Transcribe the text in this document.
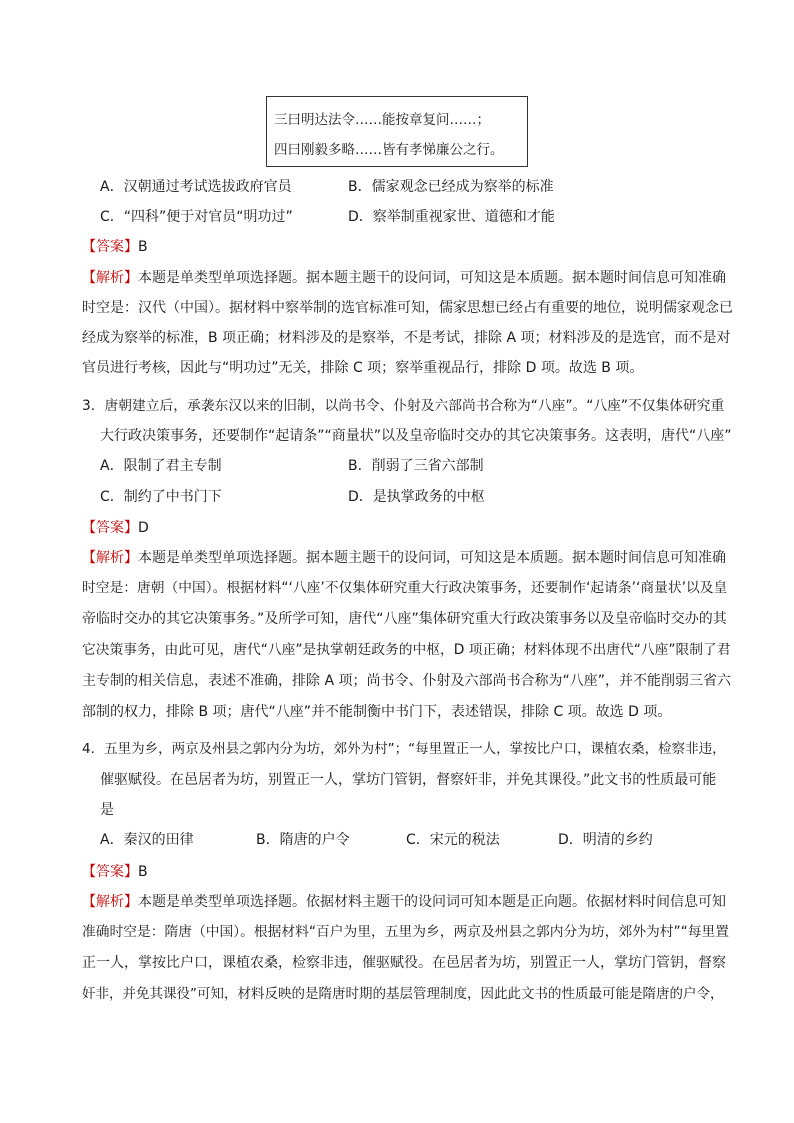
三曰明达法令……能按章复问……；
四曰刚毅多略……皆有孝悌廉公之行。
A．汉朝通过考试选拔政府官员	B．儒家观念已经成为察举的标准
C．“四科”便于对官员“明功过”	D．察举制重视家世、道德和才能
【答案】B
【解析】本题是单类型单项选择题。据本题主题干的设问词，可知这是本质题。据本题时间信息可知准确
时空是：汉代（中国）。据材料中察举制的选官标准可知，儒家思想已经占有重要的地位，说明儒家观念已
经成为察举的标准，B 项正确；材料涉及的是察举，不是考试，排除 A 项；材料涉及的是选官，而不是对
官员进行考核，因此与“明功过”无关，排除 C 项；察举重视品行，排除 D 项。故选 B 项。
3．唐朝建立后，承袭东汉以来的旧制，以尚书令、仆射及六部尚书合称为“八座”。“八座”不仅集体研究重
大行政决策事务，还要制作“起请条”“商量状”以及皇帝临时交办的其它决策事务。这表明，唐代“八座”
A．限制了君主专制	B．削弱了三省六部制
C．制约了中书门下	D．是执掌政务的中枢
【答案】D
【解析】本题是单类型单项选择题。据本题主题干的设问词，可知这是本质题。据本题时间信息可知准确
时空是：唐朝（中国）。根据材料“‘八座’不仅集体研究重大行政决策事务，还要制作‘起请条’‘商量状’以及皇
帝临时交办的其它决策事务。”及所学可知，唐代“八座”集体研究重大行政决策事务以及皇帝临时交办的其
它决策事务，由此可见，唐代“八座”是执掌朝廷政务的中枢，D 项正确；材料体现不出唐代“八座”限制了君
主专制的相关信息，表述不准确，排除 A 项；尚书令、仆射及六部尚书合称为“八座”，并不能削弱三省六
部制的权力，排除 B 项；唐代“八座”并不能制衡中书门下，表述错误，排除 C 项。故选 D 项。
4．五里为乡，两京及州县之郭内分为坊，郊外为村”；“每里置正一人，掌按比户口，课植农桑，检察非违，
催驱赋役。在邑居者为坊，别置正一人，掌坊门管钥，督察奸非，并免其课役。”此文书的性质最可能
是
A．秦汉的田律	B．隋唐的户令	C．宋元的税法	D．明清的乡约
【答案】B
【解析】本题是单类型单项选择题。依据材料主题干的设问词可知本题是正向题。依据材料时间信息可知
准确时空是：隋唐（中国）。根据材料“百户为里，五里为乡，两京及州县之郭内分为坊，郊外为村”“每里置
正一人，掌按比户口，课植农桑，检察非违，催驱赋役。在邑居者为坊，别置正一人，掌坊门管钥，督察
奸非，并免其课役”可知，材料反映的是隋唐时期的基层管理制度，因此此文书的性质最可能是隋唐的户令，
